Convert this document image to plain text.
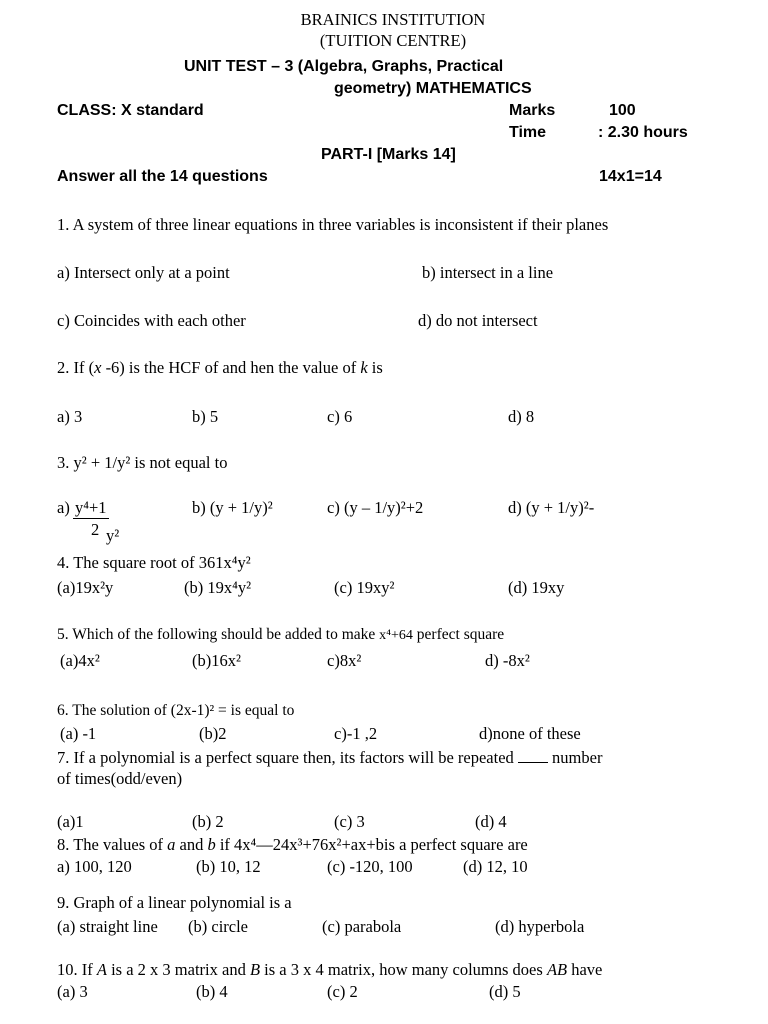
BRAINICS INSTITUTION
(TUITION CENTRE)
UNIT TEST – 3 (Algebra, Graphs, Practical
geometry) MATHEMATICS
CLASS: X standard	Marks	100
Time	: 2.30 hours
PART-I [Marks 14]
Answer all the 14 questions	14x1=14
1. A system of three linear equations in three variables is inconsistent if their planes
a) Intersect only at a point	b) intersect in a line
c) Coincides with each other	d) do not intersect
2. If (x -6) is the HCF of and hen the value of k is
a) 3	b) 5	c) 6	d) 8
3. y² + 1/y² is not equal to
a) y⁴+1
2 y²
b) (y + 1/y)²	c) (y – 1/y)²+2	d) (y + 1/y)²-
4. The square root of 361x⁴y²
(a)19x²y	(b) 19x⁴y²	(c) 19xy²	(d) 19xy
5. Which of the following should be added to make x⁴+64 perfect square
(a)4x²	(b)16x²	c)8x²	d) -8x²
6. The solution of (2x-1)² = is equal to
(a) -1	(b)2	c)-1 ,2	d)none of these
7. If a polynomial is a perfect square then, its factors will be repeated  number
of times(odd/even)
(a)1	(b) 2	(c) 3	(d) 4
8. The values of a and b if 4x⁴—24x³+76x²+ax+bis a perfect square are
a) 100, 120	(b) 10, 12	(c) -120, 100	(d) 12, 10
9. Graph of a linear polynomial is a
(a) straight line (b) circle	(c) parabola	(d) hyperbola
10. If A is a 2 x 3 matrix and B is a 3 x 4 matrix, how many columns does AB have
(a) 3	(b) 4	(c) 2	(d) 5
